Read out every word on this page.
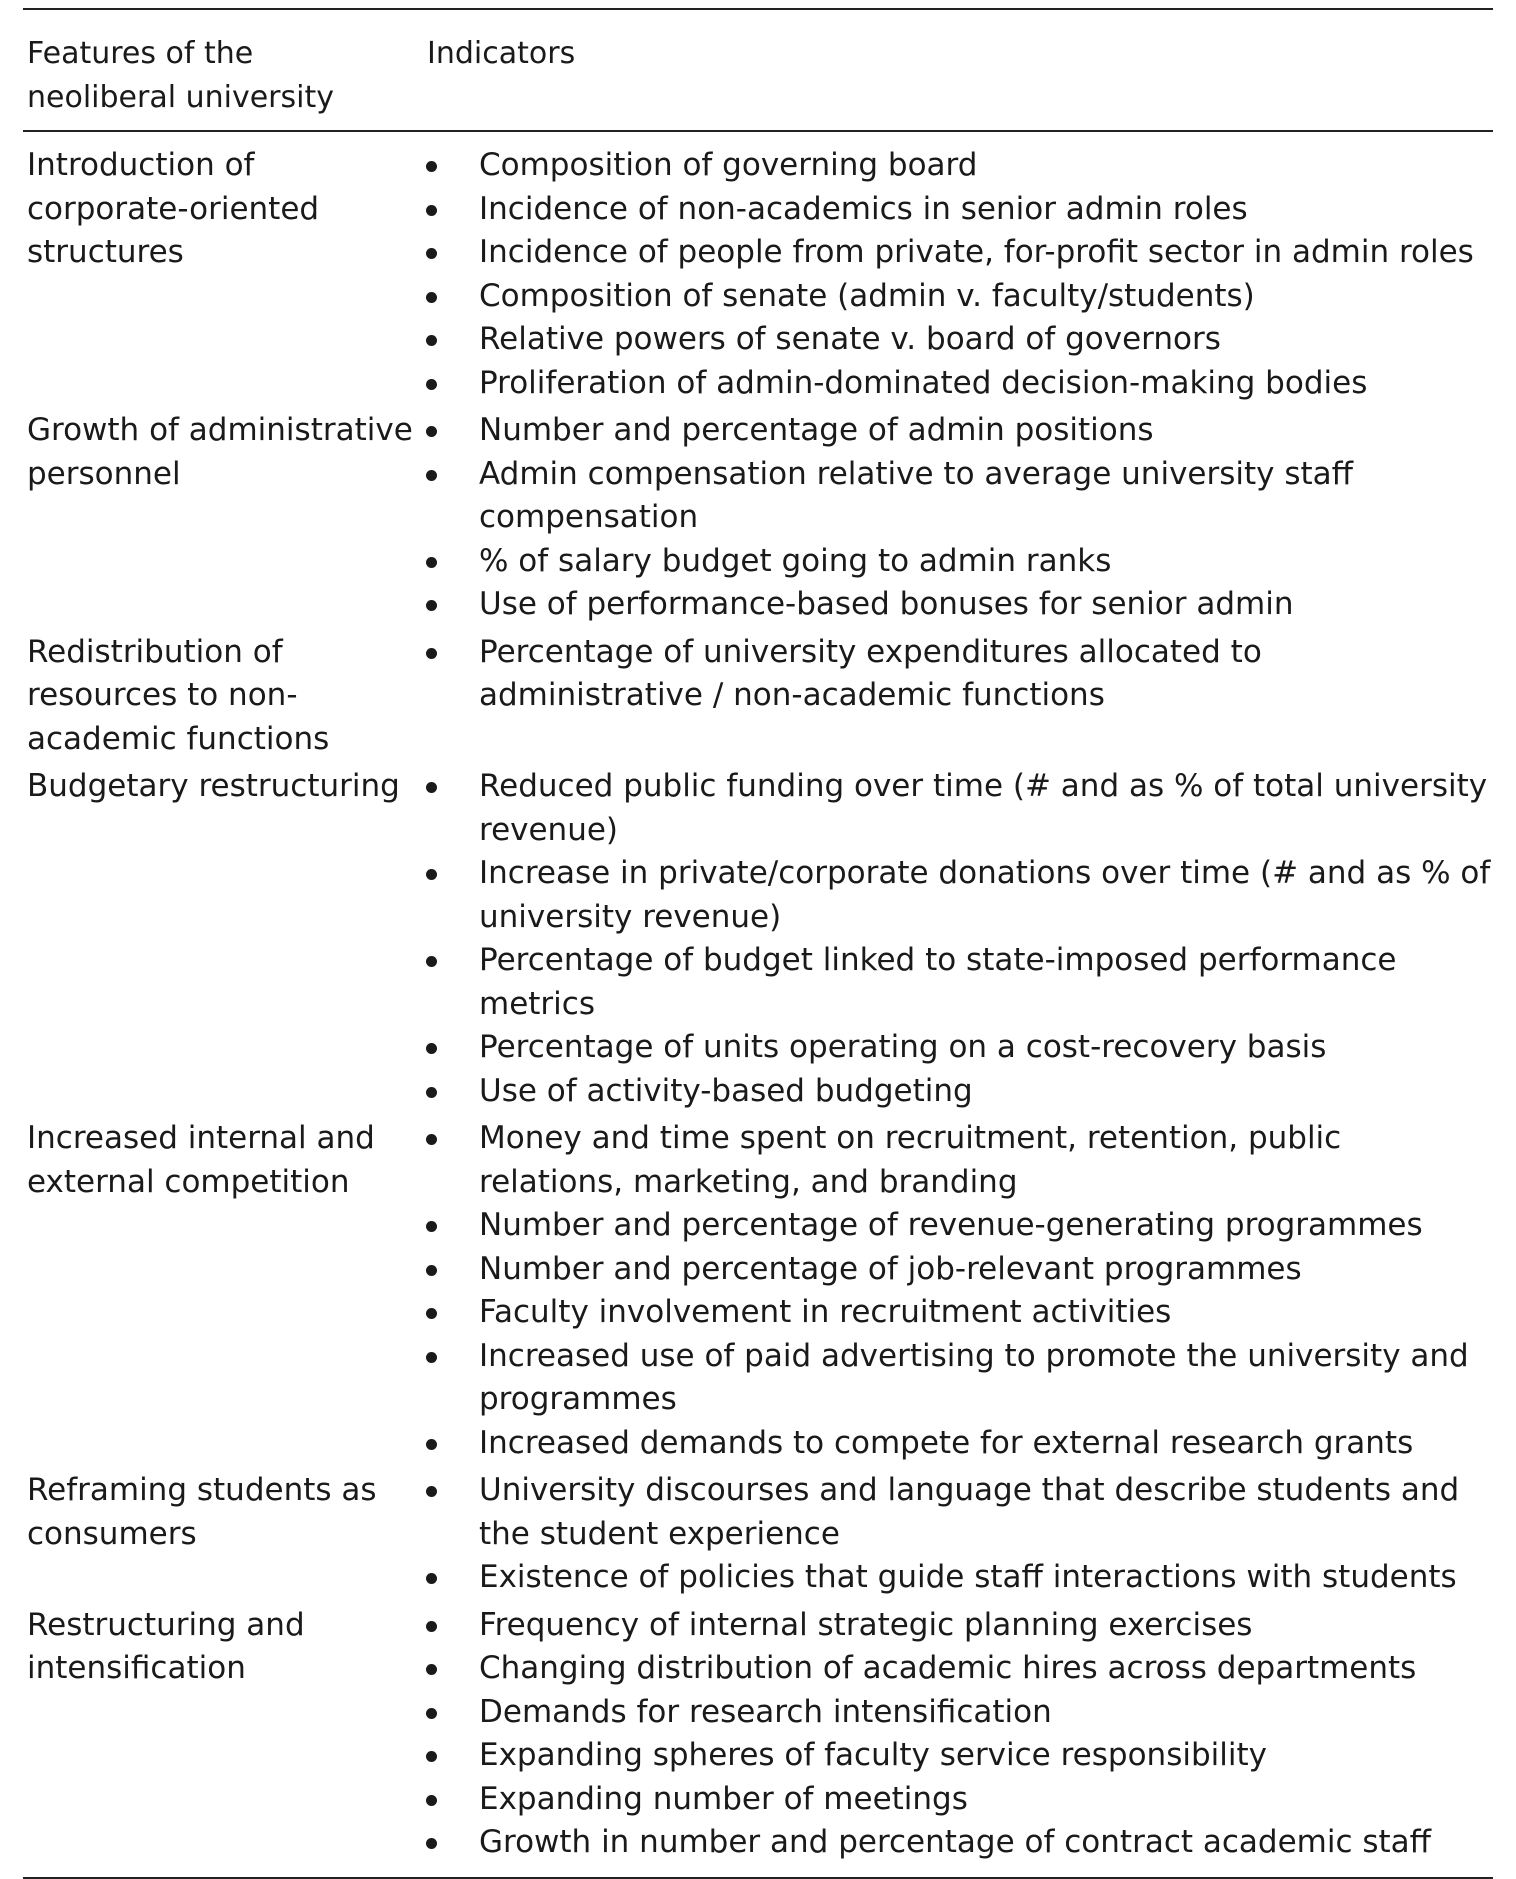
Features of the neoliberal university
Indicators
Introduction of corporate-oriented structures
Composition of governing board
Incidence of non-academics in senior admin roles
Incidence of people from private, for-profit sector in admin roles
Composition of senate (admin v. faculty/students)
Relative powers of senate v. board of governors
Proliferation of admin-dominated decision-making bodies
Growth of administrative personnel
Number and percentage of admin positions
Admin compensation relative to average university staff compensation
% of salary budget going to admin ranks
Use of performance-based bonuses for senior admin
Redistribution of resources to non-academic functions
Percentage of university expenditures allocated to administrative / non-academic functions
Budgetary restructuring	Reduced public funding over time (# and as % of total university revenue)
Increase in private/corporate donations over time (# and as % of university revenue)
Percentage of budget linked to state-imposed performance metrics
Percentage of units operating on a cost-recovery basis
Use of activity-based budgeting
Increased internal and external competition
Money and time spent on recruitment, retention, public relations, marketing, and branding
Number and percentage of revenue-generating programmes
Number and percentage of job-relevant programmes
Faculty involvement in recruitment activities
Increased use of paid advertising to promote the university and programmes
Increased demands to compete for external research grants
Reframing students as consumers
University discourses and language that describe students and the student experience
Existence of policies that guide staff interactions with students
Restructuring and intensification
Frequency of internal strategic planning exercises
Changing distribution of academic hires across departments
Demands for research intensification
Expanding spheres of faculty service responsibility
Expanding number of meetings
Growth in number and percentage of contract academic staff
